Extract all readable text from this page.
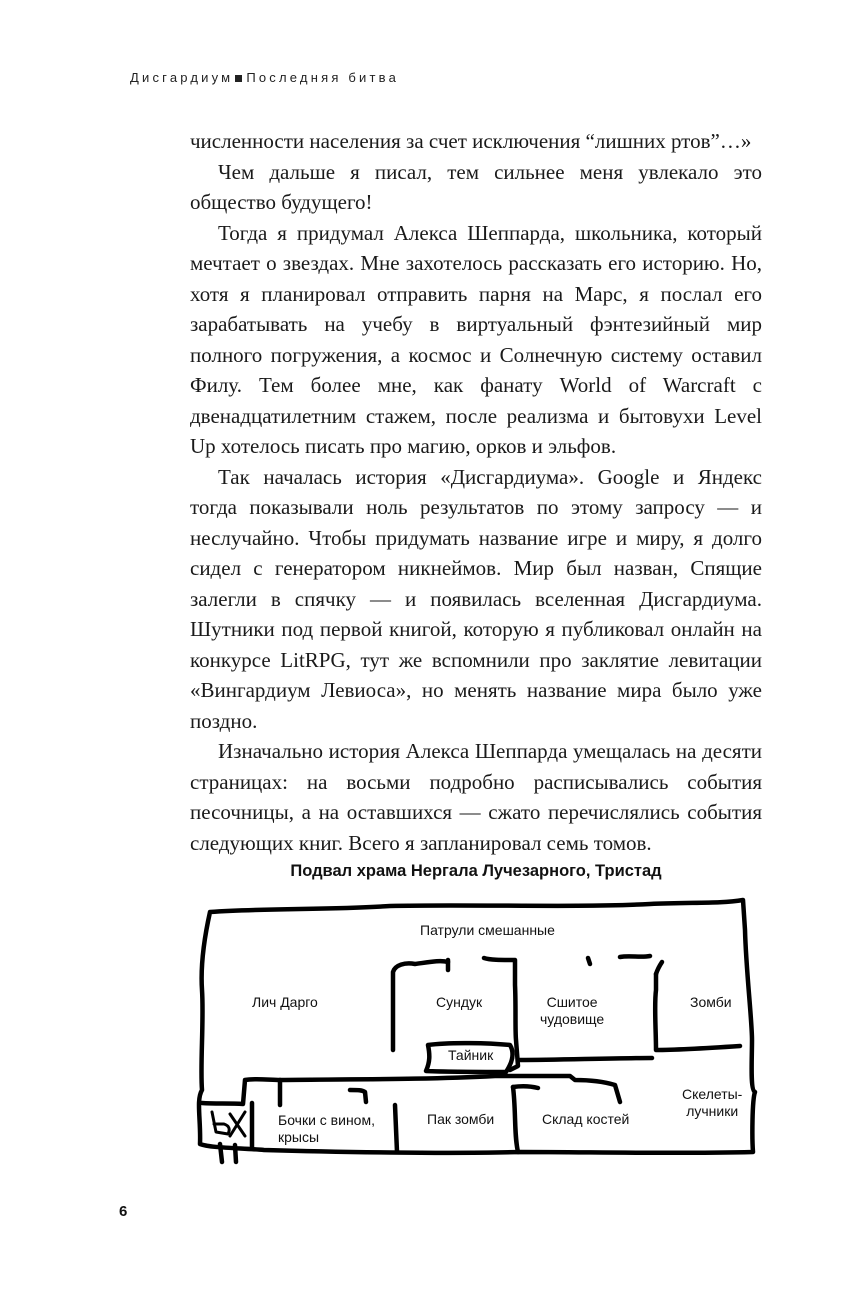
Дисгардиум Последняя битва

численности населения за счет исключения “лишних ртов”…»

Чем дальше я писал, тем сильнее меня увлекало это общество будущего!

Тогда я придумал Алекса Шеппарда, школьника, который мечтает о звездах. Мне захотелось рассказать его историю. Но, хотя я планировал отправить парня на Марс, я послал его зарабатывать на учебу в виртуальный фэнтезийный мир полного погружения, а космос и Солнечную систему оставил Филу. Тем более мне, как фанату World of Warcraft с двенадцатилетним стажем, после реализма и бытовухи Level Up хотелось писать про магию, орков и эльфов.

Так началась история «Дисгардиума». Google и Яндекс тогда показывали ноль результатов по этому запросу — и неслучайно. Чтобы придумать название игре и миру, я долго сидел с генератором никнеймов. Мир был назван, Спящие залегли в спячку — и появилась вселенная Дисгардиума. Шутники под первой книгой, которую я публиковал онлайн на конкурсе LitRPG, тут же вспомнили про заклятие левитации «Вингардиум Левиоса», но менять название мира было уже поздно.

Изначально история Алекса Шеппарда умещалась на десяти страницах: на восьми подробно расписывались события песочницы, а на оставшихся — сжато перечислялись события следующих книг. Всего я запланировал семь томов.

Подвал храма Нергала Лучезарного, Тристад
Патрули смешанные
Лич Дарго	Сундук	Сшитое
чудовище
Зомби
Тайник
Скелеты-
лучники
Бочки с вином,
крысы
Пак зомби	Склад костей
6
